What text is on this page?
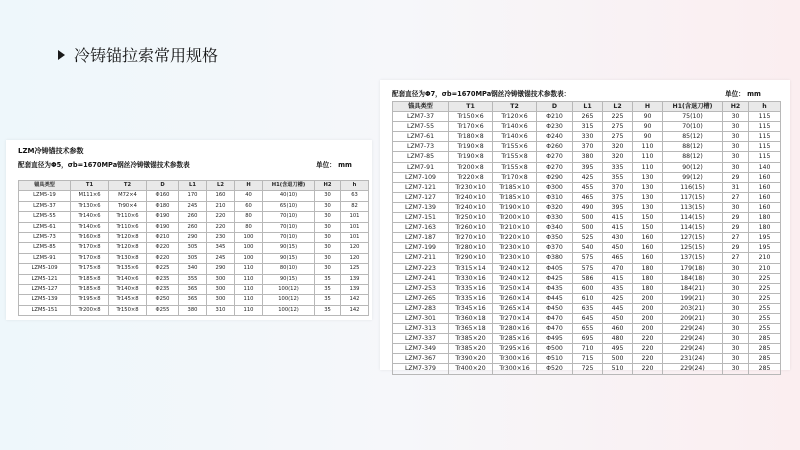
冷铸锚拉索常用规格
LZM冷铸锚技术参数
配套直径为Φ5，σb=1670MPa钢丝冷铸镦锚技术参数表	单位： mm
锚具类型	T1	T2	D	L1	L2	H	H1(含退刀槽)	H2	h
LZM5-19	M111×6	M72×4	Φ160	170	160	40	40(10)	30	63
LZM5-37	Tr130×6	Tr90×4	Φ180	245	210	60	65(10)	30	82
LZM5-55	Tr140×6	Tr110×6	Φ190	260	220	80	70(10)	30	101
LZM5-61	Tr140×6	Tr110×6	Φ190	260	220	80	70(10)	30	101
LZM5-73	Tr160×8	Tr120×8	Φ210	290	230	100	70(10)	30	101
LZM5-85	Tr170×8	Tr120×8	Φ220	305	345	100	90(15)	30	120
LZM5-91	Tr170×8	Tr130×8	Φ220	305	245	100	90(15)	30	120
LZM5-109	Tr175×8	Tr135×6	Φ225	340	290	110	80(10)	30	125
LZM5-121	Tr185×8	Tr140×6	Φ235	355	300	110	90(15)	35	139
LZM5-127	Tr185×8	Tr140×8	Φ235	365	300	110	100(12)	35	139
LZM5-139	Tr195×8	Tr145×8	Φ250	365	300	110	100(12)	35	142
LZM5-151	Tr200×8	Tr150×8	Φ255	380	310	110	100(12)	35	142
配套直径为Φ7，σb=1670MPa钢丝冷铸镦锚技术参数表：	单位： mm
锚具类型	T1	T2	D	L1	L2	H	H1(含退刀槽)	H2	h
LZM7-37	Tr150×6	Tr120×6	Φ210	265	225	90	75(10)	30	115
LZM7-55	Tr170×6	Tr140×6	Φ230	315	275	90	70(10)	30	115
LZM7-61	Tr180×8	Tr140×6	Φ240	330	275	90	85(12)	30	115
LZM7-73	Tr190×8	Tr155×6	Φ260	370	320	110	88(12)	30	115
LZM7-85	Tr190×8	Tr155×8	Φ270	380	320	110	88(12)	30	115
LZM7-91	Tr200×8	Tr155×8	Φ270	395	335	110	90(12)	30	140
LZM7-109	Tr220×8	Tr170×8	Φ290	425	355	130	99(12)	29	160
LZM7-121	Tr230×10	Tr185×10	Φ300	455	370	130	116(15)	31	160
LZM7-127	Tr240×10	Tr185×10	Φ310	465	375	130	117(15)	27	160
LZM7-139	Tr240×10	Tr190×10	Φ320	490	395	130	113(15)	30	160
LZM7-151	Tr250×10	Tr200×10	Φ330	500	415	150	114(15)	29	180
LZM7-163	Tr260×10	Tr210×10	Φ340	500	415	150	114(15)	29	180
LZM7-187	Tr270×10	Tr220×10	Φ350	525	430	160	127(15)	27	195
LZM7-199	Tr280×10	Tr230×10	Φ370	540	450	160	125(15)	29	195
LZM7-211	Tr290×10	Tr230×10	Φ380	575	465	160	137(15)	27	210
LZM7-223	Tr315×14	Tr240×12	Φ405	575	470	180	179(18)	30	210
LZM7-241	Tr330×16	Tr240×12	Φ425	586	415	180	184(18)	30	225
LZM7-253	Tr335×16	Tr250×14	Φ435	600	435	180	184(21)	30	225
LZM7-265	Tr335×16	Tr260×14	Φ445	610	425	200	199(21)	30	225
LZM7-283	Tr345×16	Tr265×14	Φ450	635	445	200	203(21)	30	255
LZM7-301	Tr360×18	Tr270×14	Φ470	645	450	200	209(21)	30	255
LZM7-313	Tr365×18	Tr280×16	Φ470	655	460	200	229(24)	30	255
LZM7-337	Tr385×20	Tr285×16	Φ495	695	480	220	229(24)	30	285
LZM7-349	Tr385×20	Tr295×16	Φ500	710	495	220	229(24)	30	285
LZM7-367	Tr390×20	Tr300×16	Φ510	715	500	220	231(24)	30	285
LZM7-379	Tr400×20	Tr300×16	Φ520	725	510	220	229(24)	30	285
